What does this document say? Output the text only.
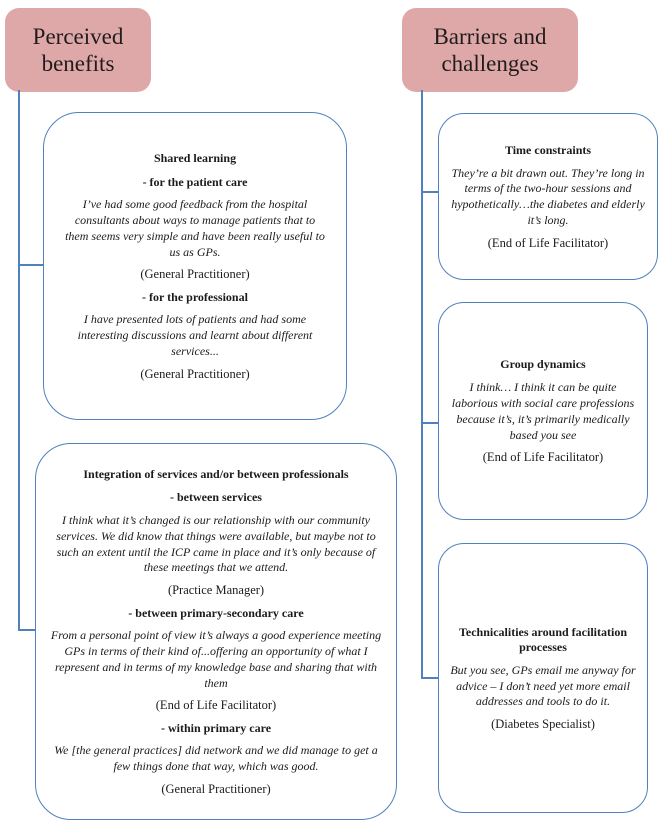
Perceived benefits
Barriers and challenges
Shared learning
- for the patient care
I’ve had some good feedback from the hospital consultants about ways to manage patients that to them seems very simple and have been really useful to us as GPs.
(General Practitioner)
- for the professional
I have presented lots of patients and had some interesting discussions and learnt about different services...
(General Practitioner)
Integration of services and/or between professionals
- between services
I think what it’s changed is our relationship with our community services. We did know that things were available, but maybe not to such an extent until the ICP came in place and it’s only because of these meetings that we attend.
(Practice Manager)
- between primary-secondary care
From a personal point of view it’s always a good experience meeting GPs in terms of their kind of...offering an opportunity of what I represent and in terms of my knowledge base and sharing that with them
(End of Life Facilitator)
- within primary care
We [the general practices] did network and we did manage to get a few things done that way, which was good.
(General Practitioner)
Time constraints
They’re a bit drawn out. They’re long in terms of the two-hour sessions and hypothetically…the diabetes and elderly it’s long.
(End of Life Facilitator)
Group dynamics
I think… I think it can be quite laborious with social care professions because it’s, it’s primarily medically based you see
(End of Life Facilitator)
Technicalities around facilitation processes
But you see, GPs email me anyway for advice – I don’t need yet more email addresses and tools to do it.
(Diabetes Specialist)
